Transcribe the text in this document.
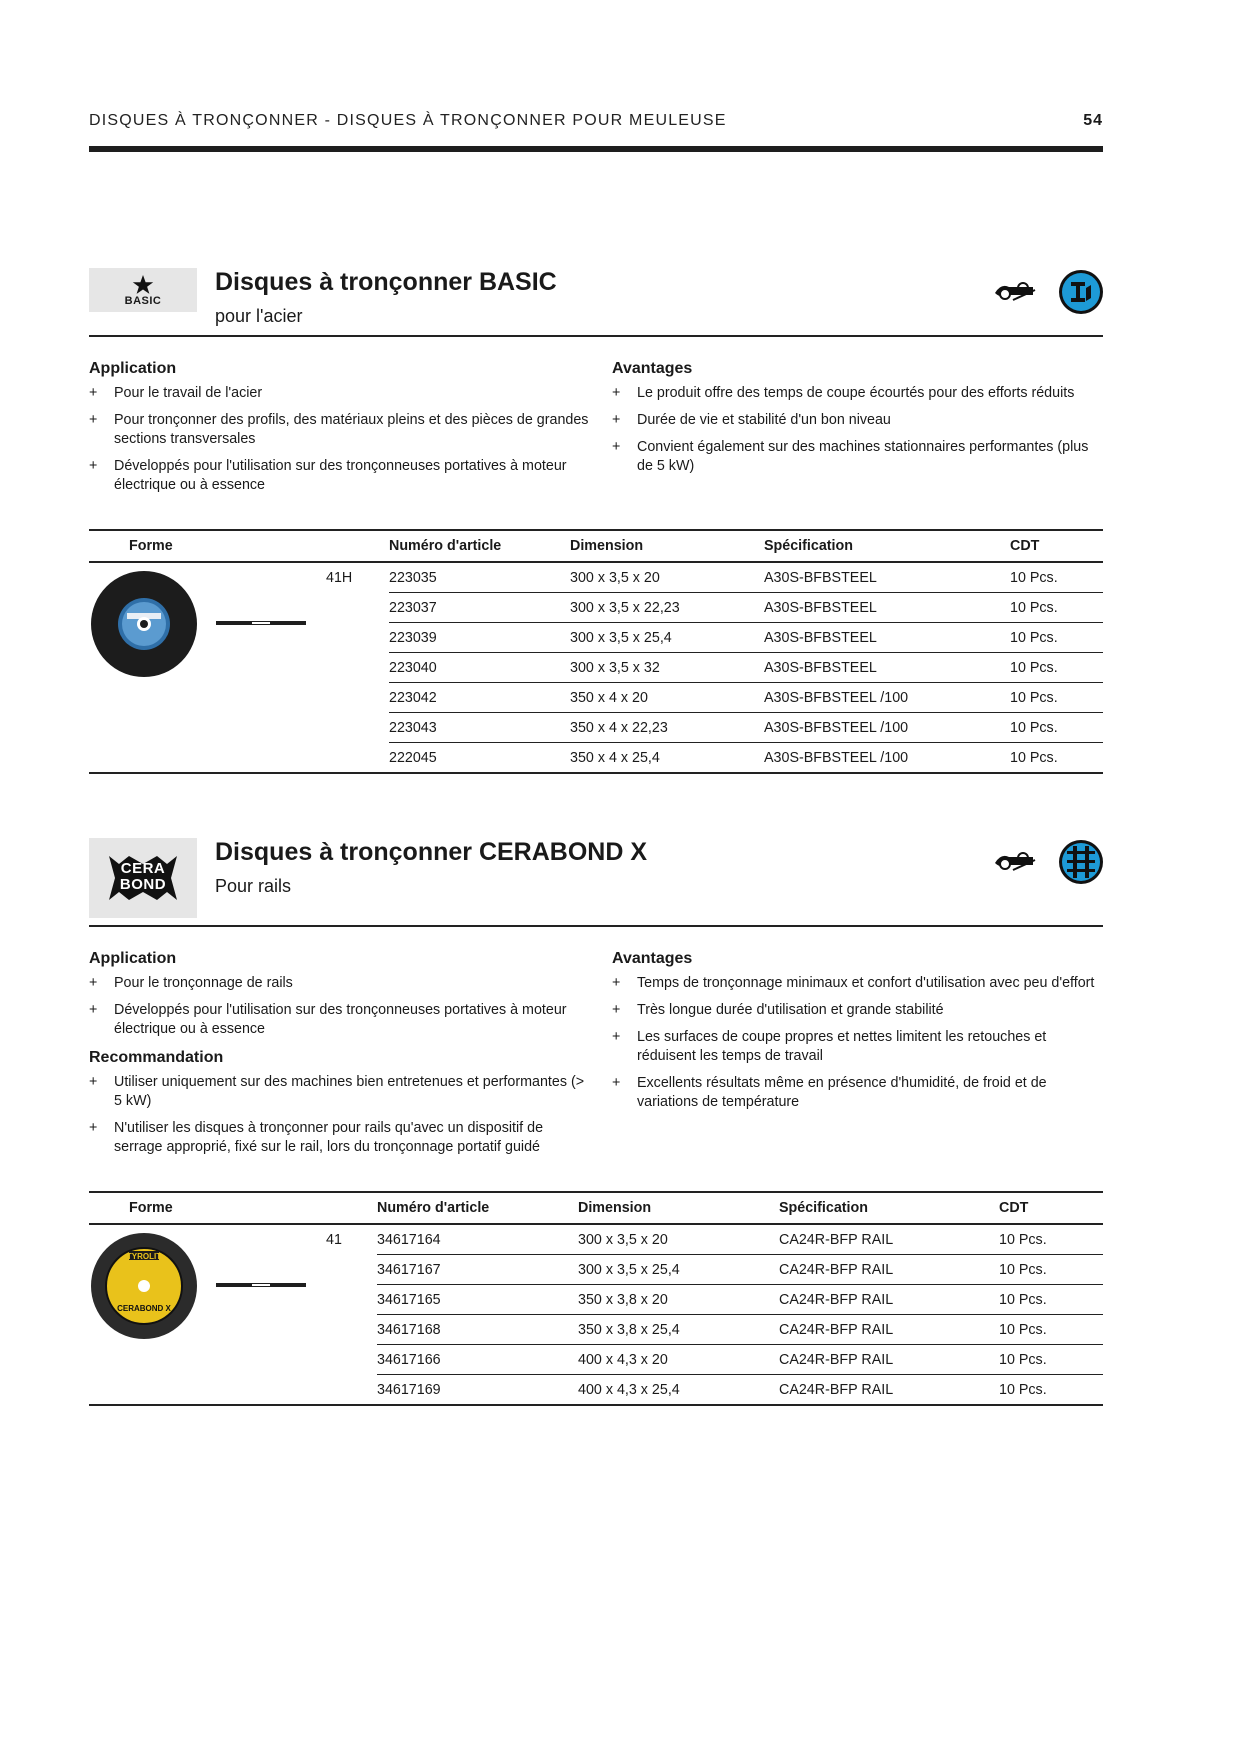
DISQUES À TRONÇONNER - DISQUES À TRONÇONNER POUR MEULEUSE	54
BASIC
Disques à tronçonner BASIC
pour l'acier
Application
+ Pour le travail de l'acier
+ Pour tronçonner des profils, des matériaux pleins et des pièces de grandes sections transversales
+ Développés pour l'utilisation sur des tronçonneuses portatives à moteur électrique ou à essence
Avantages
+ Le produit offre des temps de coupe écourtés pour des efforts réduits
+ Durée de vie et stabilité d'un bon niveau
+ Convient également sur des machines stationnaires performantes (plus de 5 kW)
Forme	Numéro d'article	Dimension	Spécification	CDT

41H	223035	300 x 3,5 x 20	A30S-BFBSTEEL	10 Pcs.
	223037	300 x 3,5 x 22,23	A30S-BFBSTEEL	10 Pcs.
	223039	300 x 3,5 x 25,4	A30S-BFBSTEEL	10 Pcs.
	223040	300 x 3,5 x 32	A30S-BFBSTEEL	10 Pcs.
	223042	350 x 4 x 20	A30S-BFBSTEEL /100	10 Pcs.
	223043	350 x 4 x 22,23	A30S-BFBSTEEL /100	10 Pcs.
	222045	350 x 4 x 25,4	A30S-BFBSTEEL /100	10 Pcs.
CERA BOND
Disques à tronçonner CERABOND X
Pour rails
Application
+ Pour le tronçonnage de rails
+ Développés pour l'utilisation sur des tronçonneuses portatives à moteur électrique ou à essence
Recommandation
+ Utiliser uniquement sur des machines bien entretenues et performantes (> 5 kW)
+ N'utiliser les disques à tronçonner pour rails qu'avec un dispositif de serrage approprié, fixé sur le rail, lors du tronçonnage portatif guidé
Avantages
+ Temps de tronçonnage minimaux et confort d'utilisation avec peu d'effort
+ Très longue durée d'utilisation et grande stabilité
+ Les surfaces de coupe propres et nettes limitent les retouches et réduisent les temps de travail
+ Excellents résultats même en présence d'humidité, de froid et de variations de température
Forme	Numéro d'article	Dimension	Spécification	CDT

TYROLIT
CERABOND X
41	34617164	300 x 3,5 x 20	CA24R-BFP RAIL	10 Pcs.
	34617167	300 x 3,5 x 25,4	CA24R-BFP RAIL	10 Pcs.
	34617165	350 x 3,8 x 20	CA24R-BFP RAIL	10 Pcs.
	34617168	350 x 3,8 x 25,4	CA24R-BFP RAIL	10 Pcs.
	34617166	400 x 4,3 x 20	CA24R-BFP RAIL	10 Pcs.
	34617169	400 x 4,3 x 25,4	CA24R-BFP RAIL	10 Pcs.
